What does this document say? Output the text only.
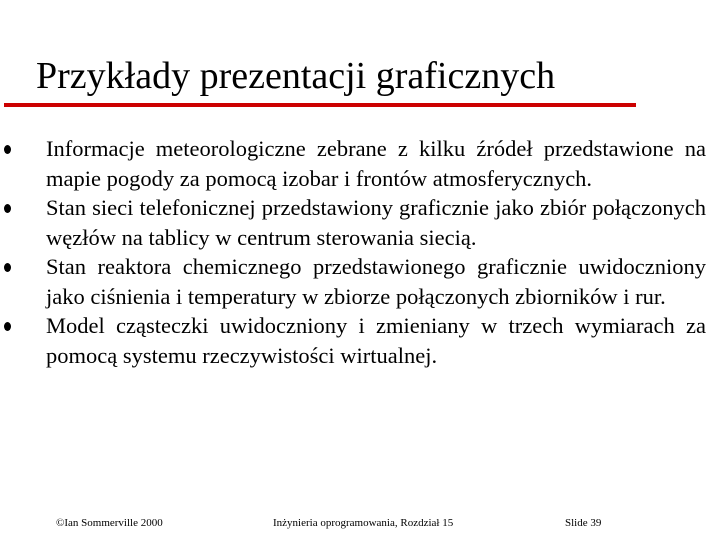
Przykłady prezentacji graficznych
Informacje meteorologiczne zebrane z kilku źródeł przedstawione na mapie pogody za pomocą izobar i frontów atmosferycznych.
Stan sieci telefonicznej przedstawiony graficznie jako zbiór połączonych węzłów na tablicy w centrum sterowania siecią.
Stan reaktora chemicznego przedstawionego graficznie uwidoczniony jako ciśnienia i temperatury w zbiorze połączonych zbiorników i rur.
Model cząsteczki uwidoczniony i zmieniany w trzech wymiarach za pomocą systemu rzeczywistości wirtualnej.
©Ian Sommerville 2000	Inżynieria oprogramowania, Rozdział 15	Slide 39
